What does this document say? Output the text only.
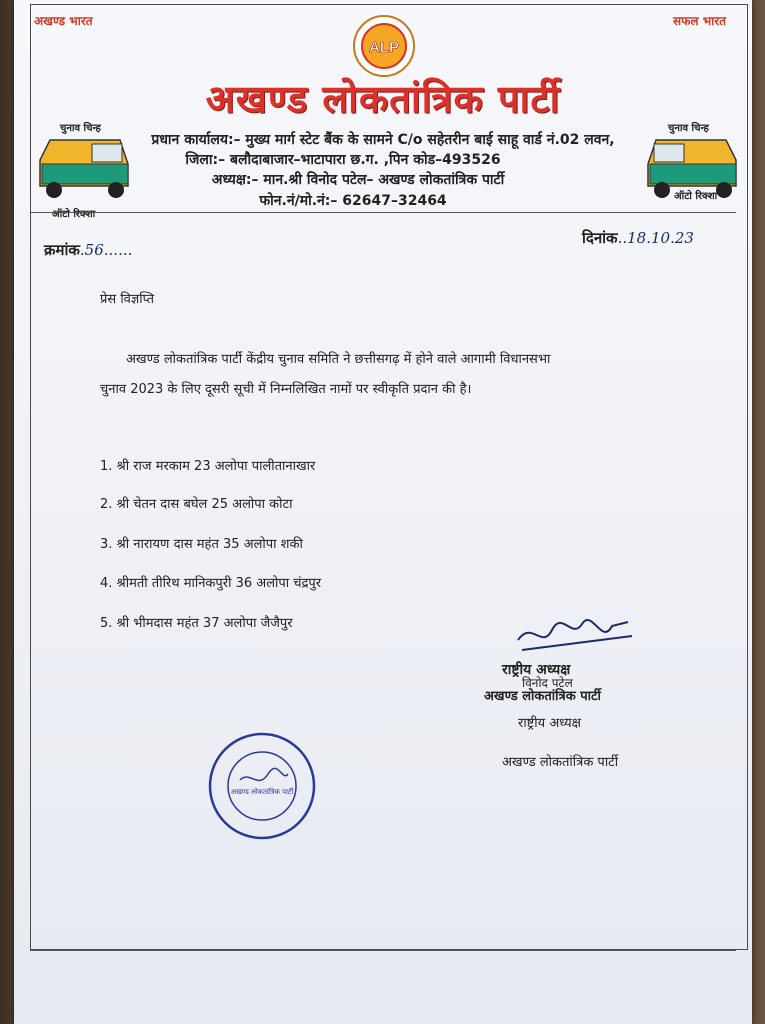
अखण्ड भारत	सफल भारत
ALP
अखण्ड लोकतांत्रिक पार्टी
प्रधान कार्यालय:– मुख्य मार्ग स्टेट बैंक के सामने C/o सहेतरीन बाई साहू वार्ड नं.02 लवन,
जिला:– बलौदाबाजार–भाटापारा छ.ग. ,पिन कोड–493526
अध्यक्ष:– मान.श्री विनोद पटेल– अखण्ड लोकतांत्रिक पार्टी
फोन.नं/मो.नं:– 62647–32464
चुनाव चिन्ह
ऑटो रिक्शा
चुनाव चिन्ह
ऑटो रिक्शा
क्रमांक.56......
दिनांक..18.10.23
प्रेस विज्ञप्ति
अखण्ड लोकतांत्रिक पार्टी केंद्रीय चुनाव समिति ने छत्तीसगढ़ में होने वाले आगामी विधानसभा
चुनाव 2023 के लिए दूसरी सूची में निम्नलिखित नामों पर स्वीकृति प्रदान की है।
1. श्री राज मरकाम 23 अलोपा पालीतानाखार
2. श्री चेतन दास बघेल 25 अलोपा कोटा
3. श्री नारायण दास महंत 35 अलोपा शकी
4. श्रीमती तीरिथ मानिकपुरी 36 अलोपा चंद्रपुर
5. श्री भीमदास महंत 37 अलोपा जैजैपुर
राष्ट्रीय अध्यक्ष
विनोद पटेल
अखण्ड लोकतांत्रिक पार्टी
राष्ट्रीय अध्यक्ष
अखण्ड लोकतांत्रिक पार्टी
अखण्ड लोकतांत्रिक पार्टी
